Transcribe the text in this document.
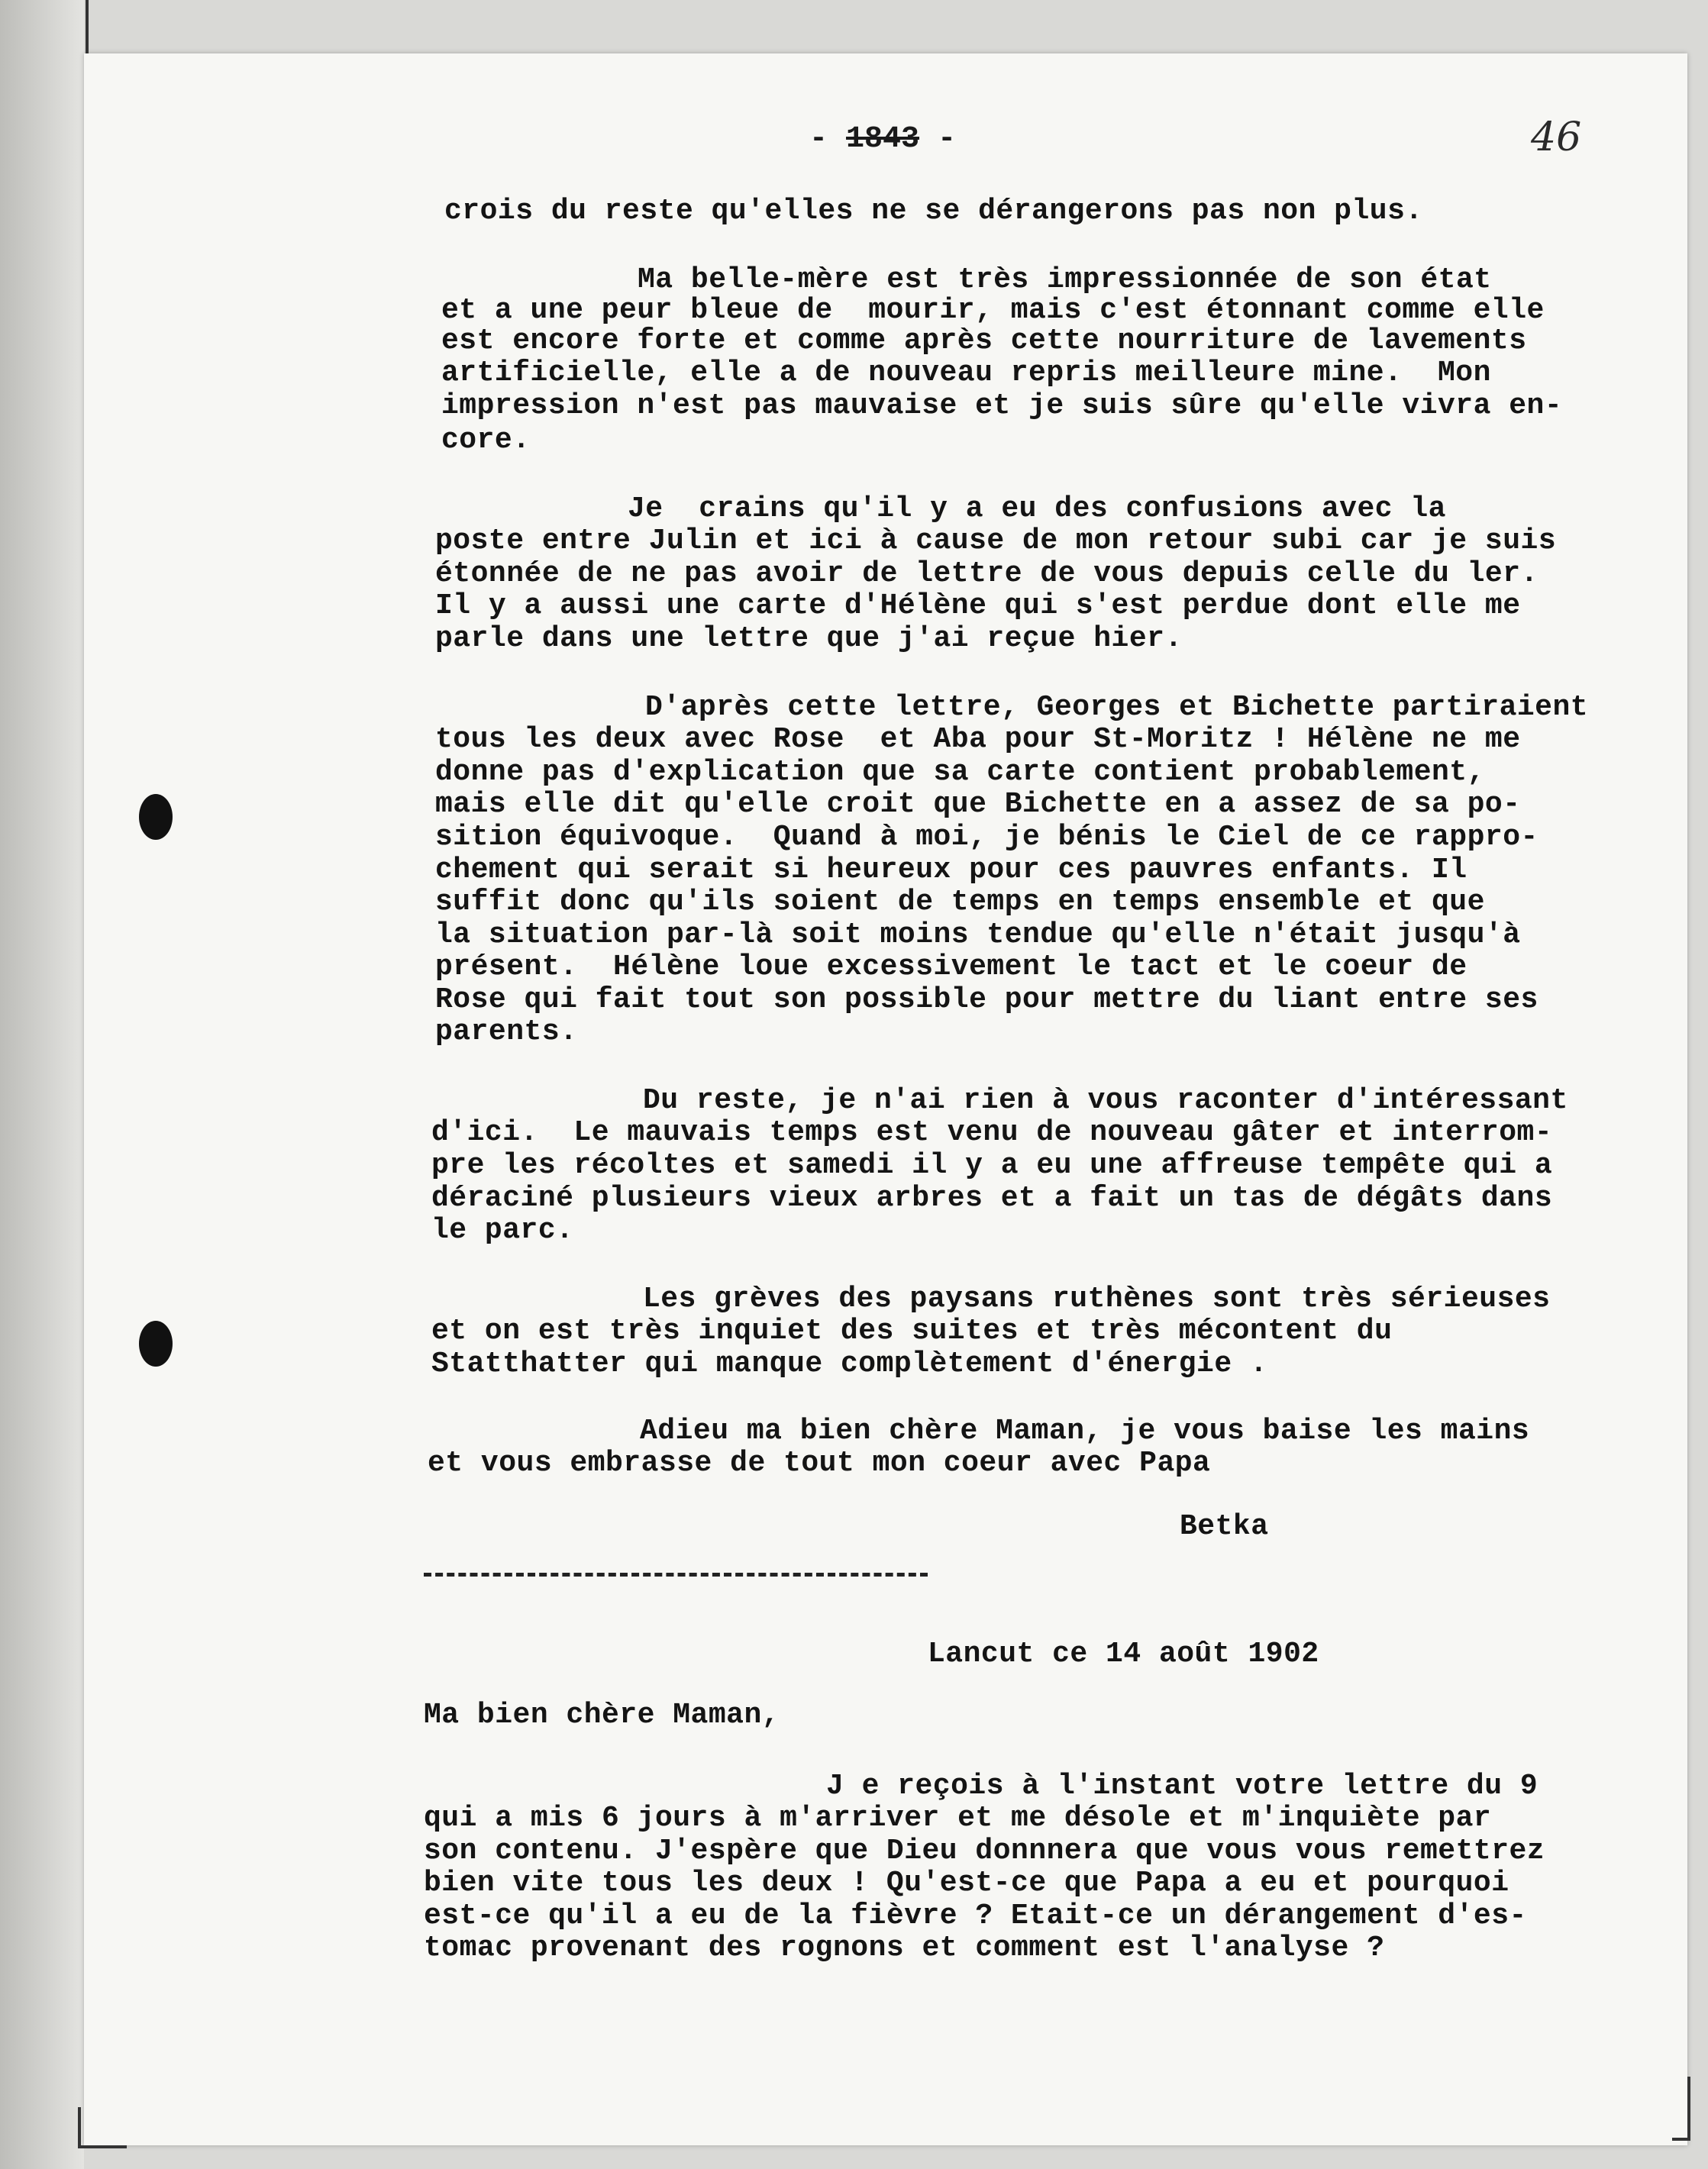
- 1843 -	46
crois du reste qu'elles ne se dérangerons pas non plus.
Ma belle-mère est très impressionnée de son état
et a une peur bleue de  mourir, mais c'est étonnant comme elle
est encore forte et comme après cette nourriture de lavements
artificielle, elle a de nouveau repris meilleure mine.  Mon
impression n'est pas mauvaise et je suis sûre qu'elle vivra en-
core.
Je  crains qu'il y a eu des confusions avec la
poste entre Julin et ici à cause de mon retour subi car je suis
étonnée de ne pas avoir de lettre de vous depuis celle du ler.
Il y a aussi une carte d'Hélène qui s'est perdue dont elle me
parle dans une lettre que j'ai reçue hier.
D'après cette lettre, Georges et Bichette partiraient
tous les deux avec Rose  et Aba pour St-Moritz ! Hélène ne me
donne pas d'explication que sa carte contient probablement,
mais elle dit qu'elle croit que Bichette en a assez de sa po-
sition équivoque.  Quand à moi, je bénis le Ciel de ce rappro-
chement qui serait si heureux pour ces pauvres enfants. Il
suffit donc qu'ils soient de temps en temps ensemble et que
la situation par-là soit moins tendue qu'elle n'était jusqu'à
présent.  Hélène loue excessivement le tact et le coeur de
Rose qui fait tout son possible pour mettre du liant entre ses
parents.
Du reste, je n'ai rien à vous raconter d'intéressant
d'ici.  Le mauvais temps est venu de nouveau gâter et interrom-
pre les récoltes et samedi il y a eu une affreuse tempête qui a
déraciné plusieurs vieux arbres et a fait un tas de dégâts dans
le parc.
Les grèves des paysans ruthènes sont très sérieuses
et on est très inquiet des suites et très mécontent du
Statthatter qui manque complètement d'énergie .
Adieu ma bien chère Maman, je vous baise les mains
et vous embrasse de tout mon coeur avec Papa
Betka
Lancut ce 14 août 1902
Ma bien chère Maman,
J e reçois à l'instant votre lettre du 9
qui a mis 6 jours à m'arriver et me désole et m'inquiète par
son contenu. J'espère que Dieu donnnera que vous vous remettrez
bien vite tous les deux ! Qu'est-ce que Papa a eu et pourquoi
est-ce qu'il a eu de la fièvre ? Etait-ce un dérangement d'es-
tomac provenant des rognons et comment est l'analyse ?
